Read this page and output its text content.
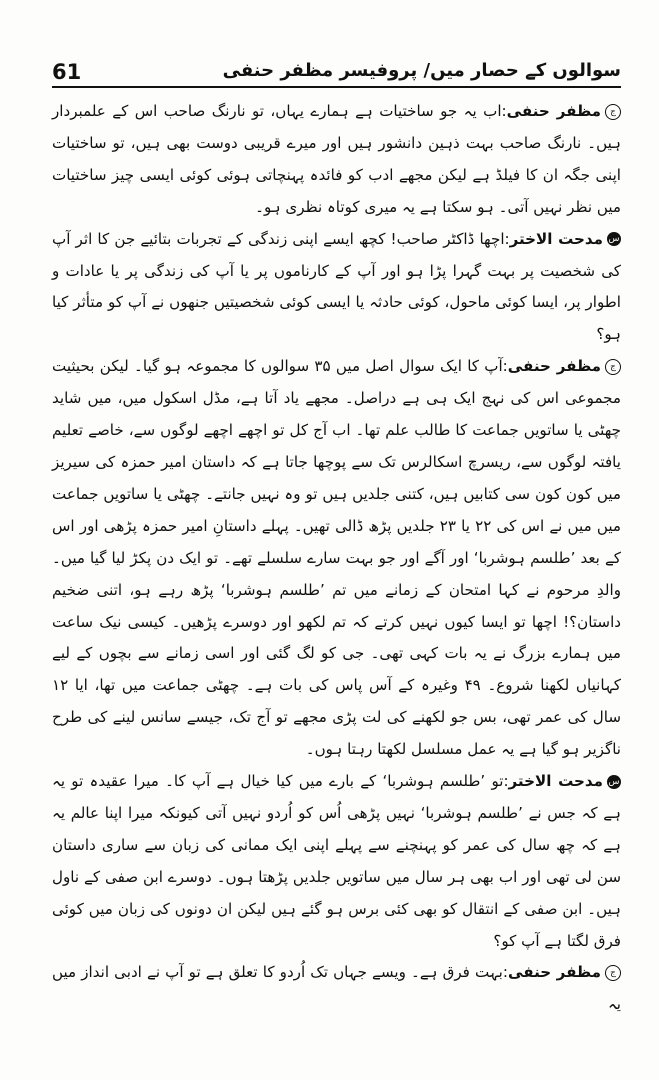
61	سوالوں کے حصار میں/ پروفیسر مظفر حنفی

جمظفر حنفی:اب یہ جو ساختیات ہے ہمارے یہاں، تو نارنگ صاحب اس کے علمبردار ہیں۔ نارنگ صاحب بہت ذہین دانشور ہیں اور میرے قریبی دوست بھی ہیں، تو ساختیات اپنی جگہ ان کا فیلڈ ہے لیکن مجھے ادب کو فائدہ پہنچاتی ہوئی کوئی ایسی چیز ساختیات میں نظر نہیں آتی۔ ہو سکتا ہے یہ میری کوتاہ نظری ہو۔

سمدحت الاختر:اچھا ڈاکٹر صاحب! کچھ ایسے اپنی زندگی کے تجربات بتائیے جن کا اثر آپ کی شخصیت پر بہت گہرا پڑا ہو اور آپ کے کارناموں پر یا آپ کی زندگی پر یا عادات و اطوار پر، ایسا کوئی ماحول، کوئی حادثہ یا ایسی کوئی شخصیتیں جنھوں نے آپ کو متأثر کیا ہو؟

جمظفر حنفی:آپ کا ایک سوال اصل میں ۳۵ سوالوں کا مجموعہ ہو گیا۔ لیکن بحیثیت مجموعی اس کی نہج ایک ہی ہے دراصل۔ مجھے یاد آتا ہے، مڈل اسکول میں، میں شاید چھٹی یا ساتویں جماعت کا طالب علم تھا۔ اب آج کل تو اچھے اچھے لوگوں سے، خاصے تعلیم یافتہ لوگوں سے، ریسرچ اسکالرس تک سے پوچھا جاتا ہے کہ داستان امیر حمزہ کی سیریز میں کون کون سی کتابیں ہیں، کتنی جلدیں ہیں تو وہ نہیں جانتے۔ چھٹی یا ساتویں جماعت میں میں نے اس کی ۲۲ یا ۲۳ جلدیں پڑھ ڈالی تھیں۔ پہلے داستانِ امیر حمزہ پڑھی اور اس کے بعد ’طلسم ہوشربا‘ اور آگے اور جو بہت سارے سلسلے تھے۔ تو ایک دن پکڑ لیا گیا میں۔ والدِ مرحوم نے کہا امتحان کے زمانے میں تم ’طلسم ہوشربا‘ پڑھ رہے ہو، اتنی ضخیم داستان؟! اچھا تو ایسا کیوں نہیں کرتے کہ تم لکھو اور دوسرے پڑھیں۔ کیسی نیک ساعت میں ہمارے بزرگ نے یہ بات کہی تھی۔ جی کو لگ گئی اور اسی زمانے سے بچوں کے لیے کہانیاں لکھنا شروع۔ ۴۹ وغیرہ کے آس پاس کی بات ہے۔ چھٹی جماعت میں تھا، ایا ۱۲ سال کی عمر تھی، بس جو لکھنے کی لت پڑی مجھے تو آج تک، جیسے سانس لینے کی طرح ناگزیر ہو گیا ہے یہ عمل مسلسل لکھتا رہتا ہوں۔

سمدحت الاختر:تو ’طلسم ہوشربا‘ کے بارے میں کیا خیال ہے آپ کا۔ میرا عقیدہ تو یہ ہے کہ جس نے ’طلسم ہوشربا‘ نہیں پڑھی اُس کو اُردو نہیں آتی کیونکہ میرا اپنا عالم یہ ہے کہ چھ سال کی عمر کو پہنچنے سے پہلے اپنی ایک ممانی کی زبان سے ساری داستان سن لی تھی اور اب بھی ہر سال میں ساتویں جلدیں پڑھتا ہوں۔ دوسرے ابن صفی کے ناول ہیں۔ ابن صفی کے انتقال کو بھی کئی برس ہو گئے ہیں لیکن ان دونوں کی زبان میں کوئی فرق لگتا ہے آپ کو؟

جمظفر حنفی:بہت فرق ہے۔ ویسے جہاں تک اُردو کا تعلق ہے تو آپ نے ادبی انداز میں یہ
